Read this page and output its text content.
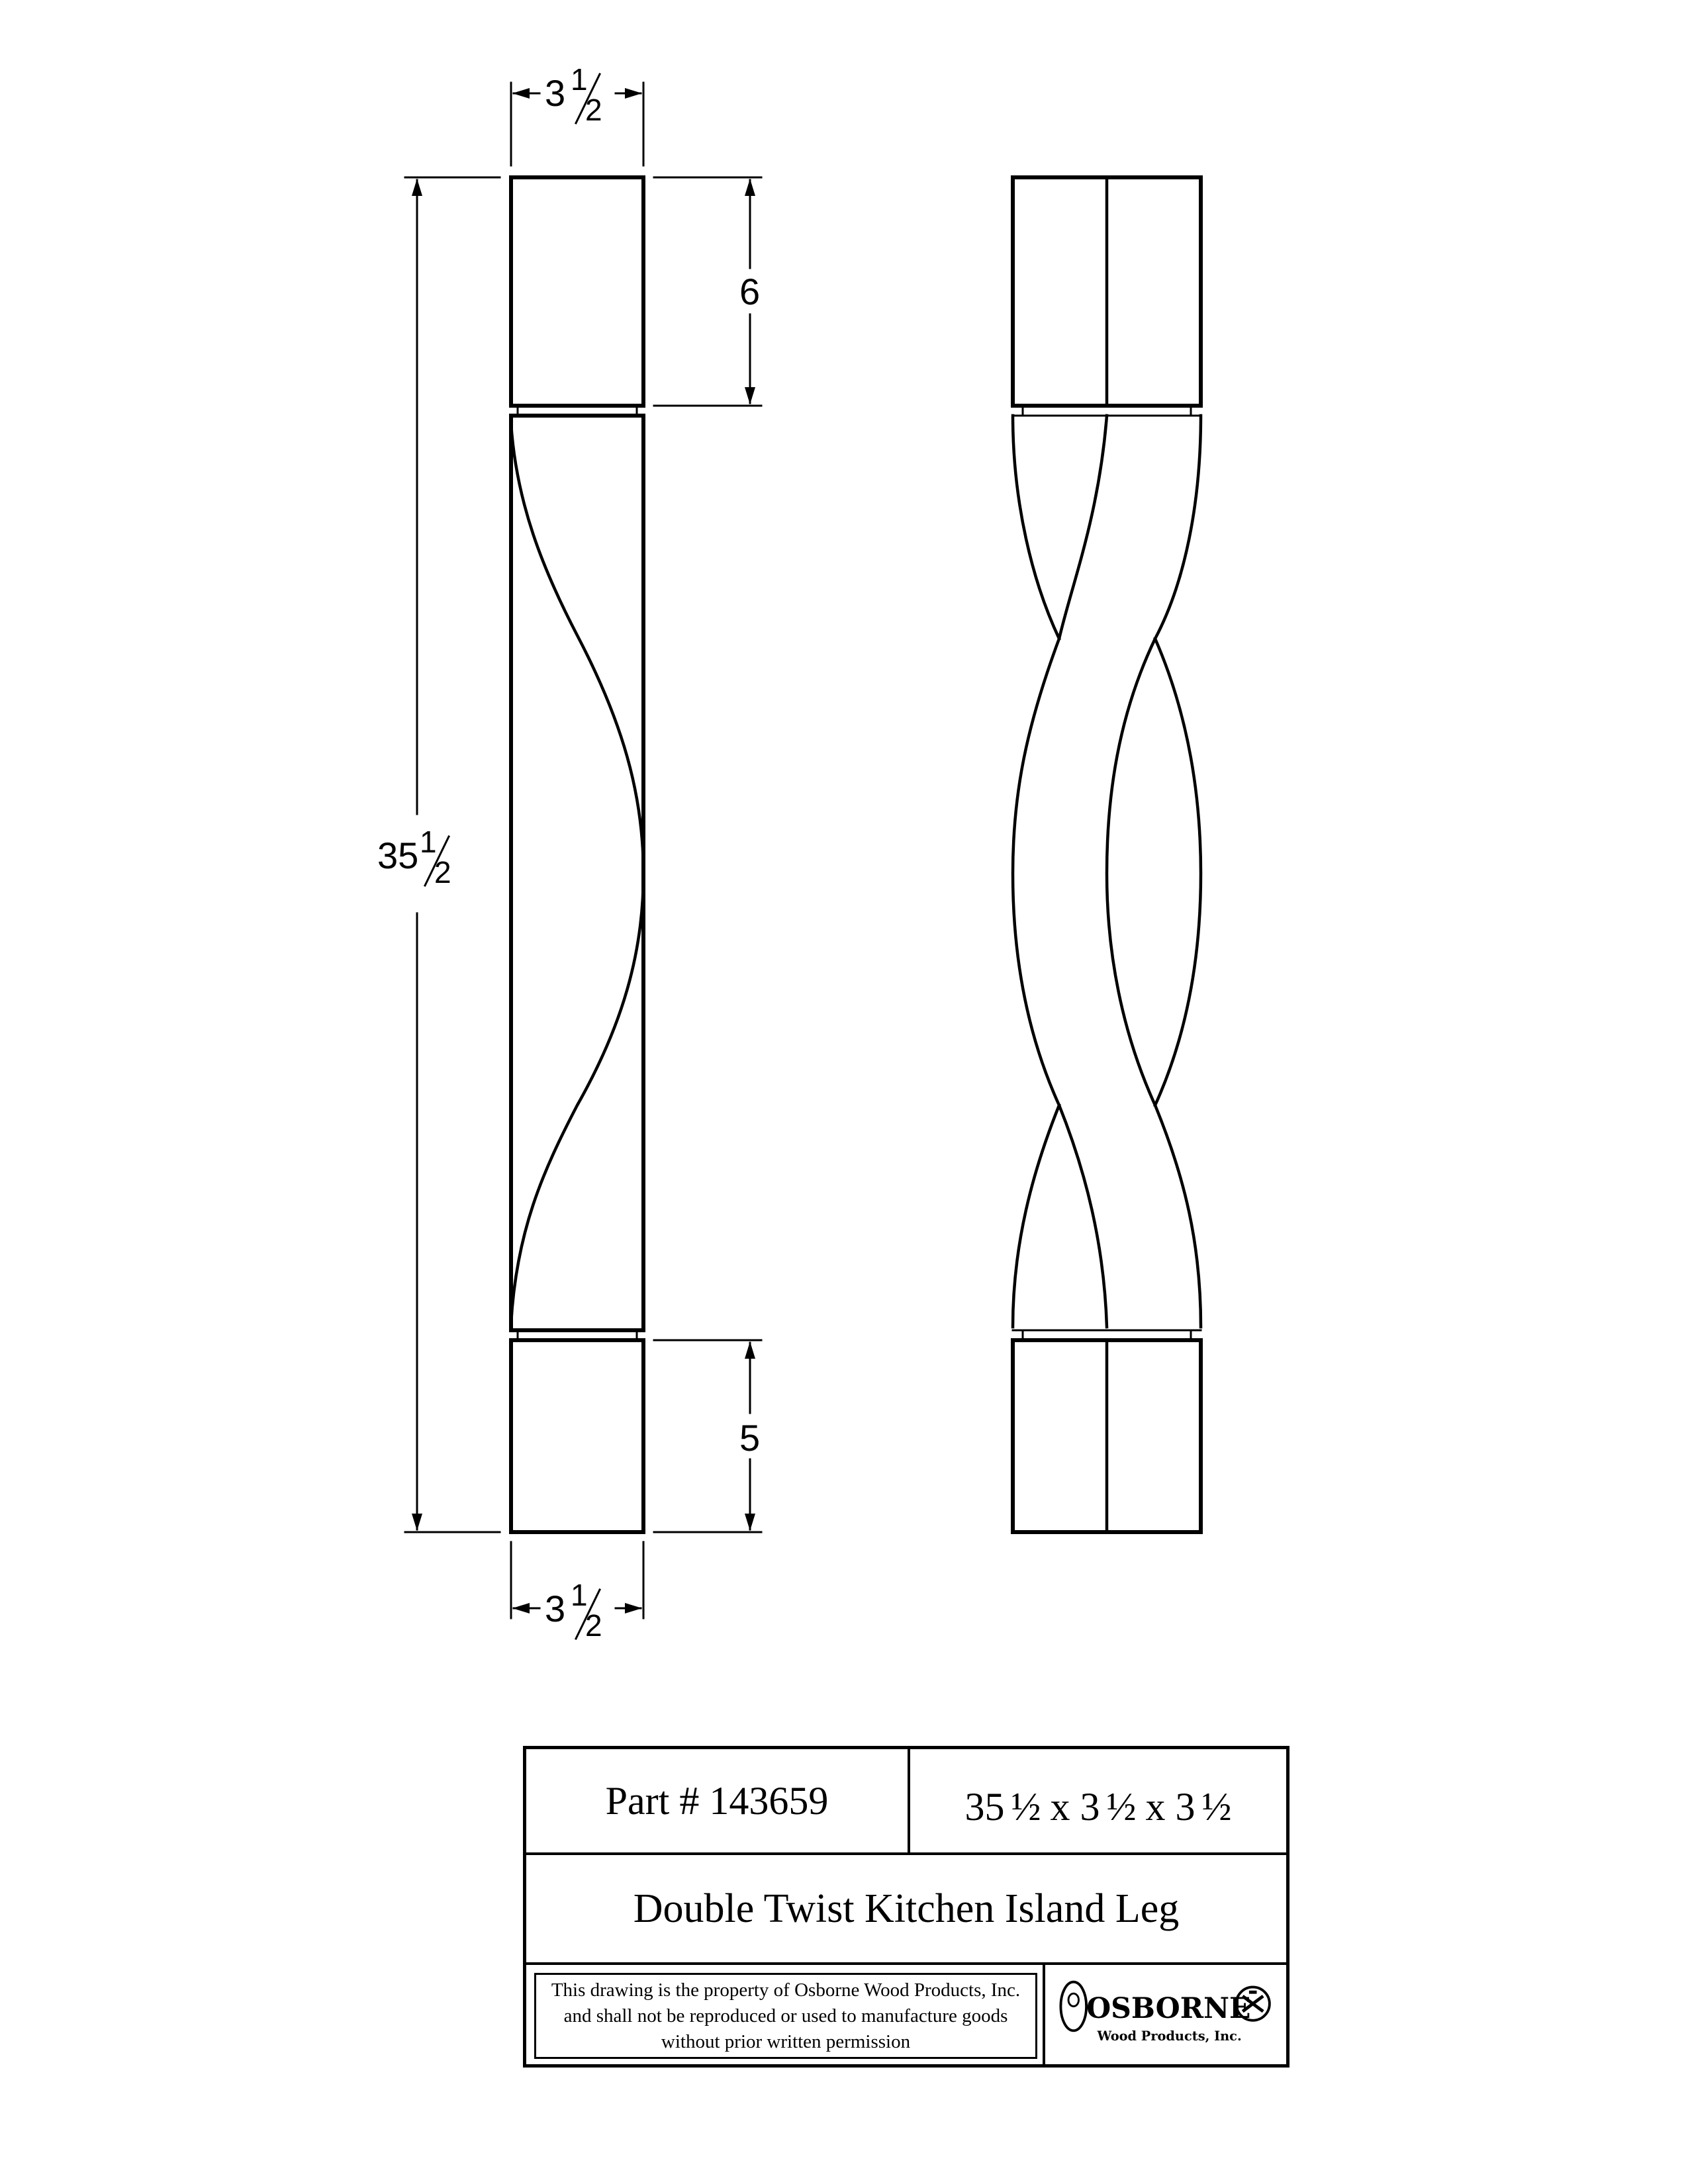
3 1
2
3 1
2
35 1
2
6
5
Part # 143659	35 ½ x 3 ½ x 3 ½
Double Twist Kitchen Island Leg
This drawing is the property of Osborne Wood Products, Inc. and shall not be reproduced or used to manufacture goods without prior written permission
OSBORNE
Wood Products, Inc.
